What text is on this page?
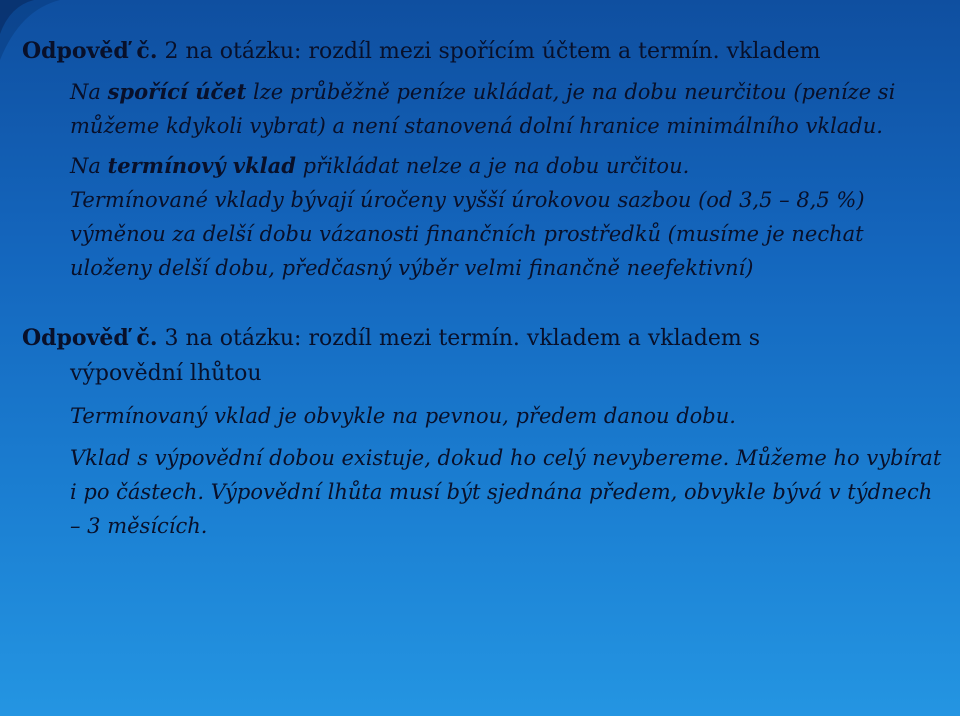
Odpověď č. 2 na otázku: rozdíl mezi spořícím účtem a termín. vkladem

Na spořící účet lze průběžně peníze ukládat, je na dobu neurčitou (peníze si můžeme kdykoli vybrat) a není stanovená dolní hranice minimálního vkladu.

Na termínový vklad přikládat nelze a je na dobu určitou.

Termínované vklady bývají úročeny vyšší úrokovou sazbou (od 3,5 – 8,5 %) výměnou za delší dobu vázanosti finančních prostředků (musíme je nechat uloženy delší dobu, předčasný výběr velmi finančně neefektivní)

Odpověď č. 3 na otázku: rozdíl mezi termín. vkladem a vkladem s

výpovědní lhůtou

Termínovaný vklad je obvykle na pevnou, předem danou dobu.

Vklad s výpovědní dobou existuje, dokud ho celý nevybereme. Můžeme ho vybírat i po částech. Výpovědní lhůta musí být sjednána předem, obvykle bývá v týdnech – 3 měsících.
